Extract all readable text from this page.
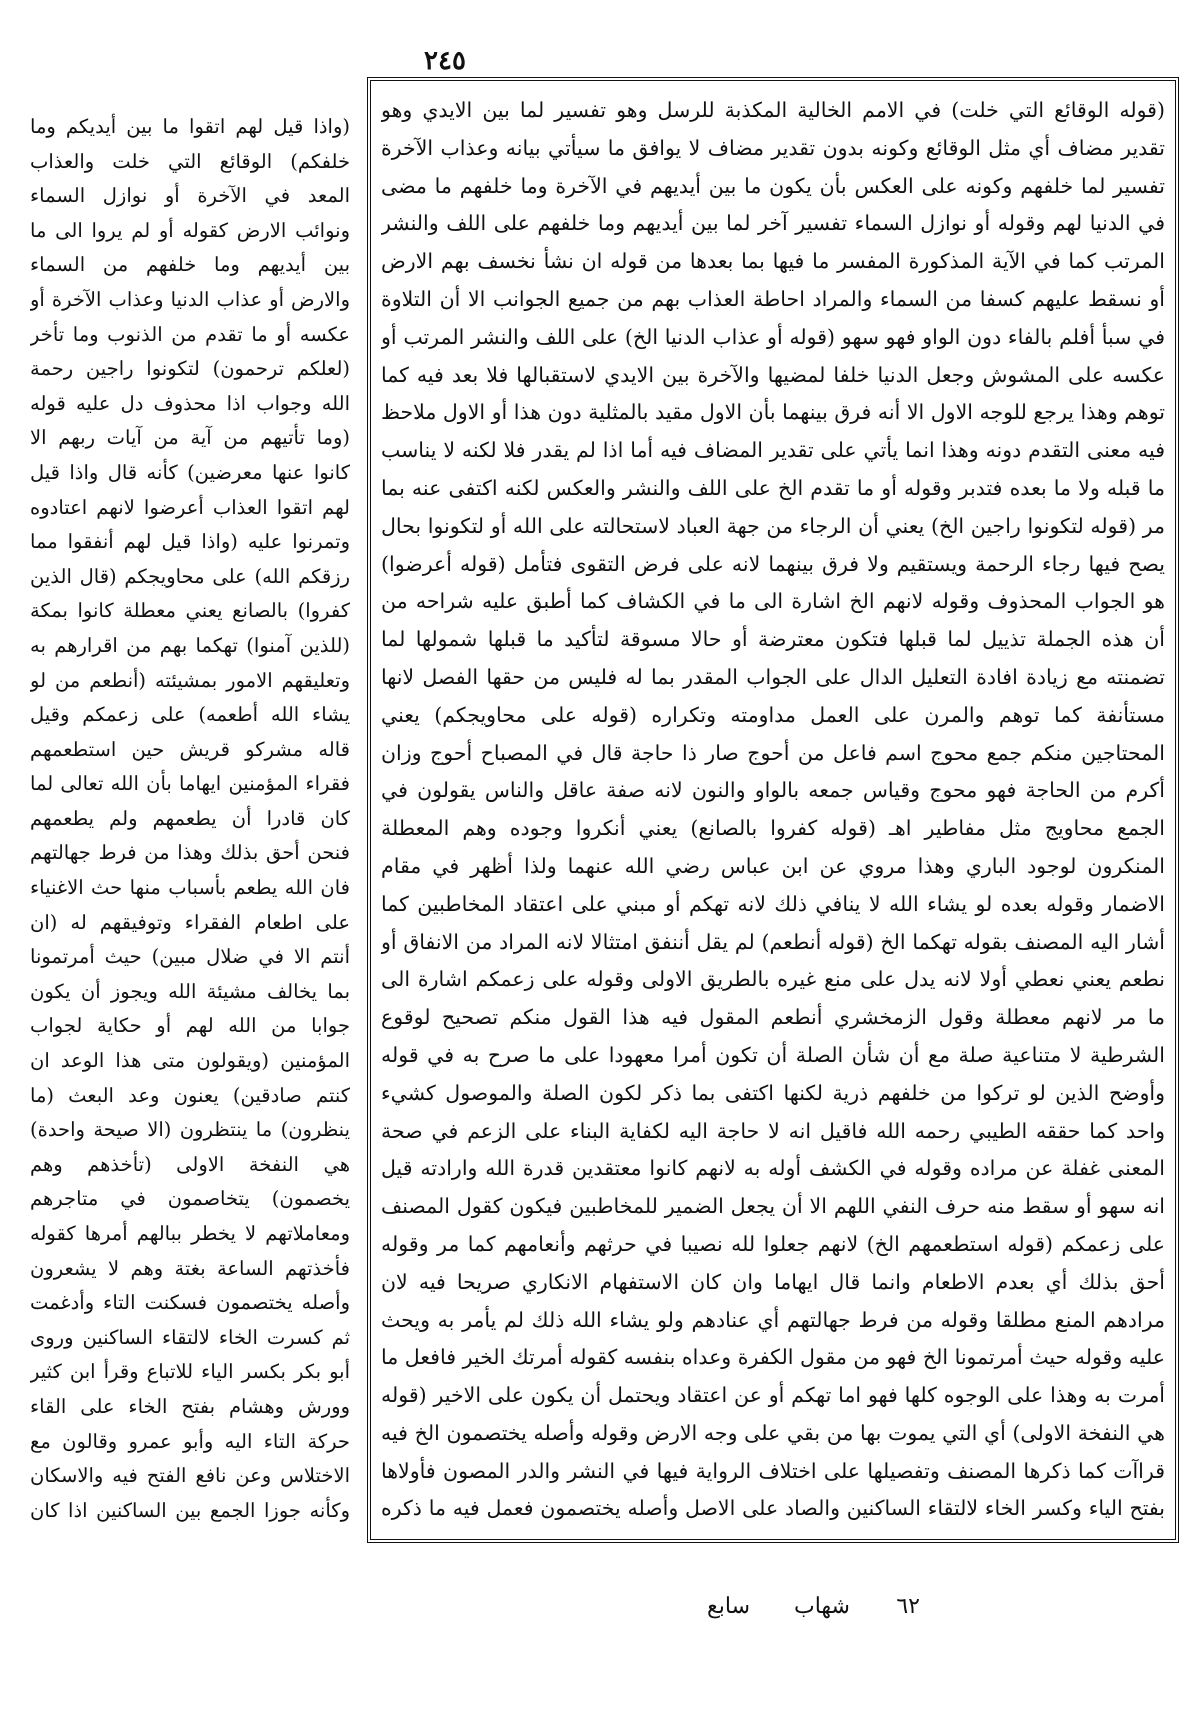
٢٤٥

(قوله الوقائع التي خلت) في الامم الخالية المكذبة للرسل وهو تفسير لما بين الايدي وهو تقدير مضاف أي مثل الوقائع وكونه بدون تقدير مضاف لا يوافق ما سيأتي بيانه وعذاب الآخرة تفسير لما خلفهم وكونه على العكس بأن يكون ما بين أيديهم في الآخرة وما خلفهم ما مضى في الدنيا لهم وقوله أو نوازل السماء تفسير آخر لما بين أيديهم وما خلفهم على اللف والنشر المرتب كما في الآية المذكورة المفسر ما فيها بما بعدها من قوله ان نشأ نخسف بهم الارض أو نسقط عليهم كسفا من السماء والمراد احاطة العذاب بهم من جميع الجوانب الا أن التلاوة في سبأ أفلم بالفاء دون الواو فهو سهو (قوله أو عذاب الدنيا الخ) على اللف والنشر المرتب أو عكسه على المشوش وجعل الدنيا خلفا لمضيها والآخرة بين الايدي لاستقبالها فلا بعد فيه كما توهم وهذا يرجع للوجه الاول الا أنه فرق بينهما بأن الاول مقيد بالمثلية دون هذا أو الاول ملاحظ فيه معنى التقدم دونه وهذا انما يأتي على تقدير المضاف فيه أما اذا لم يقدر فلا لكنه لا يناسب ما قبله ولا ما بعده فتدبر وقوله أو ما تقدم الخ على اللف والنشر والعكس لكنه اكتفى عنه بما مر (قوله لتكونوا راجين الخ) يعني أن الرجاء من جهة العباد لاستحالته على الله أو لتكونوا بحال يصح فيها رجاء الرحمة ويستقيم ولا فرق بينهما لانه على فرض التقوى فتأمل (قوله أعرضوا) هو الجواب المحذوف وقوله لانهم الخ اشارة الى ما في الكشاف كما أطبق عليه شراحه من أن هذه الجملة تذييل لما قبلها فتكون معترضة أو حالا مسوقة لتأكيد ما قبلها شمولها لما تضمنته مع زيادة افادة التعليل الدال على الجواب المقدر بما له فليس من حقها الفصل لانها مستأنفة كما توهم والمرن على العمل مداومته وتكراره (قوله على محاويجكم) يعني المحتاجين منكم جمع محوج اسم فاعل من أحوج صار ذا حاجة قال في المصباح أحوج وزان أكرم من الحاجة فهو محوج وقياس جمعه بالواو والنون لانه صفة عاقل والناس يقولون في الجمع محاويج مثل مفاطير اهـ (قوله كفروا بالصانع) يعني أنكروا وجوده وهم المعطلة المنكرون لوجود الباري وهذا مروي عن ابن عباس رضي الله عنهما ولذا أظهر في مقام الاضمار وقوله بعده لو يشاء الله لا ينافي ذلك لانه تهكم أو مبني على اعتقاد المخاطبين كما أشار اليه المصنف بقوله تهكما الخ (قوله أنطعم) لم يقل أننفق امتثالا لانه المراد من الانفاق أو نطعم يعني نعطي أولا لانه يدل على منع غيره بالطريق الاولى وقوله على زعمكم اشارة الى ما مر لانهم معطلة وقول الزمخشري أنطعم المقول فيه هذا القول منكم تصحيح لوقوع الشرطية لا متناعية صلة مع أن شأن الصلة أن تكون أمرا معهودا على ما صرح به في قوله وأوضح الذين لو تركوا من خلفهم ذرية لكنها اكتفى بما ذكر لكون الصلة والموصول كشيء واحد كما حققه الطيبي رحمه الله فاقيل انه لا حاجة اليه لكفاية البناء على الزعم في صحة المعنى غفلة عن مراده وقوله في الكشف أوله به لانهم كانوا معتقدين قدرة الله وارادته قيل انه سهو أو سقط منه حرف النفي اللهم الا أن يجعل الضمير للمخاطبين فيكون كقول المصنف على زعمكم (قوله استطعمهم الخ) لانهم جعلوا لله نصيبا في حرثهم وأنعامهم كما مر وقوله أحق بذلك أي بعدم الاطعام وانما قال ايهاما وان كان الاستفهام الانكاري صريحا فيه لان مرادهم المنع مطلقا وقوله من فرط جهالتهم أي عنادهم ولو يشاء الله ذلك لم يأمر به ويحث عليه وقوله حيث أمرتمونا الخ فهو من مقول الكفرة وعداه بنفسه كقوله أمرتك الخير فافعل ما أمرت به وهذا على الوجوه كلها فهو اما تهكم أو عن اعتقاد ويحتمل أن يكون على الاخير (قوله هي النفخة الاولى) أي التي يموت بها من بقي على وجه الارض وقوله وأصله يختصمون الخ فيه قراآت كما ذكرها المصنف وتفصيلها على اختلاف الرواية فيها في النشر والدر المصون فأولاها بفتح الياء وكسر الخاء لالتقاء الساكنين والصاد على الاصل وأصله يختصمون فعمل فيه ما ذكره

(واذا قيل لهم اتقوا ما بين أيديكم وما خلفكم) الوقائع التي خلت والعذاب المعد في الآخرة أو نوازل السماء ونوائب الارض كقوله أو لم يروا الى ما بين أيديهم وما خلفهم من السماء والارض أو عذاب الدنيا وعذاب الآخرة أو عكسه أو ما تقدم من الذنوب وما تأخر (لعلكم ترحمون) لتكونوا راجين رحمة الله وجواب اذا محذوف دل عليه قوله (وما تأتيهم من آية من آيات ربهم الا كانوا عنها معرضين) كأنه قال واذا قيل لهم اتقوا العذاب أعرضوا لانهم اعتادوه وتمرنوا عليه (واذا قيل لهم أنفقوا مما رزقكم الله) على محاويجكم (قال الذين كفروا) بالصانع يعني معطلة كانوا بمكة (للذين آمنوا) تهكما بهم من اقرارهم به وتعليقهم الامور بمشيئته (أنطعم من لو يشاء الله أطعمه) على زعمكم وقيل قاله مشركو قريش حين استطعمهم فقراء المؤمنين ايهاما بأن الله تعالى لما كان قادرا أن يطعمهم ولم يطعمهم فنحن أحق بذلك وهذا من فرط جهالتهم فان الله يطعم بأسباب منها حث الاغنياء على اطعام الفقراء وتوفيقهم له (ان أنتم الا في ضلال مبين) حيث أمرتمونا بما يخالف مشيئة الله ويجوز أن يكون جوابا من الله لهم أو حكاية لجواب المؤمنين (ويقولون متى هذا الوعد ان كنتم صادقين) يعنون وعد البعث (ما ينظرون) ما ينتظرون (الا صيحة واحدة) هي النفخة الاولى (تأخذهم وهم يخصمون) يتخاصمون في متاجرهم ومعاملاتهم لا يخطر ببالهم أمرها كقوله فأخذتهم الساعة بغتة وهم لا يشعرون وأصله يختصمون فسكنت التاء وأدغمت ثم كسرت الخاء لالتقاء الساكنين وروى أبو بكر بكسر الياء للاتباع وقرأ ابن كثير وورش وهشام بفتح الخاء على القاء حركة التاء اليه وأبو عمرو وقالون مع الاختلاس وعن نافع الفتح فيه والاسكان وكأنه جوزا الجمع بين الساكنين اذا كان

٦٢
شهاب
سابع
